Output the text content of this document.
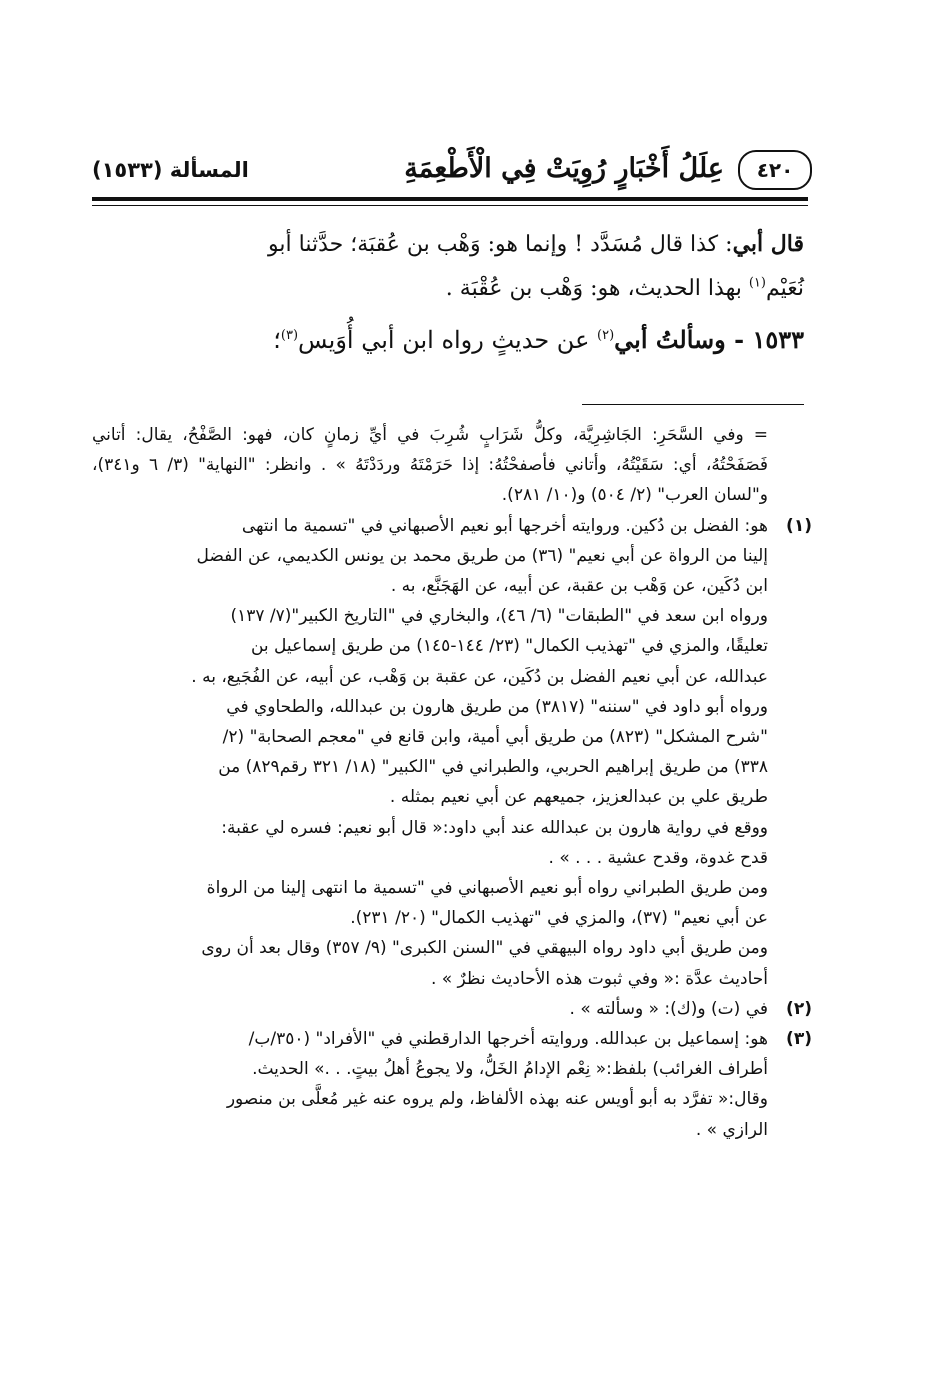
٤٢٠
عِلَلُ أَخْبَارٍ رُوِيَتْ فِي الْأَطْعِمَةِ
المسألة (١٥٣٣)

قال أبي: كذا قال مُسَدَّد ! وإنما هو: وَهْب بن عُقبَة؛ حدَّثنا أبو

نُعَيْم$^{(١)}$ بهذا الحديث، هو: وَهْب بن عُقْبَة .

١٥٣٣ - وسألتُ أبي$^{(٢)}$ عن حديثٍ رواه ابن أبي أُوَيس$^{(٣)}$؛

= وفي السَّحَرِ: الجَاشِرِيَّة، وكلُّ شَرَابٍ شُرِبَ في أيِّ زمانٍ كان، فهو: الصَّفْحُ، يقال: أتاني فَصَفَحْتُهُ، أي: سَقَيْتُهُ، وأتاني فأصفحْتُهُ: إذا حَرَمْتَهُ وردَدْتَهُ » . وانظر: "النهاية" (٣/ ٦ و٣٤١)، و"لسان العرب" (٢/ ٥٠٤) و(١٠/ ٢٨١).
(١)
هو: الفضل بن دُكين. وروايته أخرجها أبو نعيم الأصبهاني في "تسمية ما انتهى
إلينا من الرواة عن أبي نعيم" (٣٦) من طريق محمد بن يونس الكديمي، عن الفضل
ابن دُكَين، عن وَهْب بن عقبة، عن أبيه، عن الهَجَنَّع، به .
ورواه ابن سعد في "الطبقات" (٦/ ٤٦)، والبخاري في "التاريخ الكبير"(٧/ ١٣٧)
تعليقًا، والمزي في "تهذيب الكمال" (٢٣/ ١٤٤-١٤٥) من طريق إسماعيل بن
عبدالله، عن أبي نعيم الفضل بن دُكَين، عن عقبة بن وَهْب، عن أبيه، عن الفُجَيع، به .
ورواه أبو داود في "سننه" (٣٨١٧) من طريق هارون بن عبدالله، والطحاوي في
"شرح المشكل" (٨٢٣) من طريق أبي أمية، وابن قانع في "معجم الصحابة" (٢/
٣٣٨) من طريق إبراهيم الحربي، والطبراني في "الكبير" (١٨/ ٣٢١ رقم٨٢٩) من
طريق علي بن عبدالعزيز، جميعهم عن أبي نعيم بمثله .
ووقع في رواية هارون بن عبدالله عند أبي داود:« قال أبو نعيم: فسره لي عقبة:
قدح غدوة، وقدح عشية . . . » .
ومن طريق الطبراني رواه أبو نعيم الأصبهاني في "تسمية ما انتهى إلينا من الرواة
عن أبي نعيم" (٣٧)، والمزي في "تهذيب الكمال" (٢٠/ ٢٣١).
ومن طريق أبي داود رواه البيهقي في "السنن الكبرى" (٩/ ٣٥٧) وقال بعد أن روى
أحاديث عدَّة :« وفي ثبوت هذه الأحاديث نظرٌ » .
(٢)
في (ت) و(ك): « وسألته » .
(٣)
هو: إسماعيل بن عبدالله. وروايته أخرجها الدارقطني في "الأفراد" (٣٥٠/ب/
أطراف الغرائب) بلفظ:« نِعْم الإدامُ الخَلُّ، ولا يجوعُ أهلُ بيتٍ. . .» الحديث.
وقال:« تفرَّد به أبو أويس عنه بهذه الألفاظ، ولم يروه عنه غير مُعلَّى بن منصور
الرازي » .
